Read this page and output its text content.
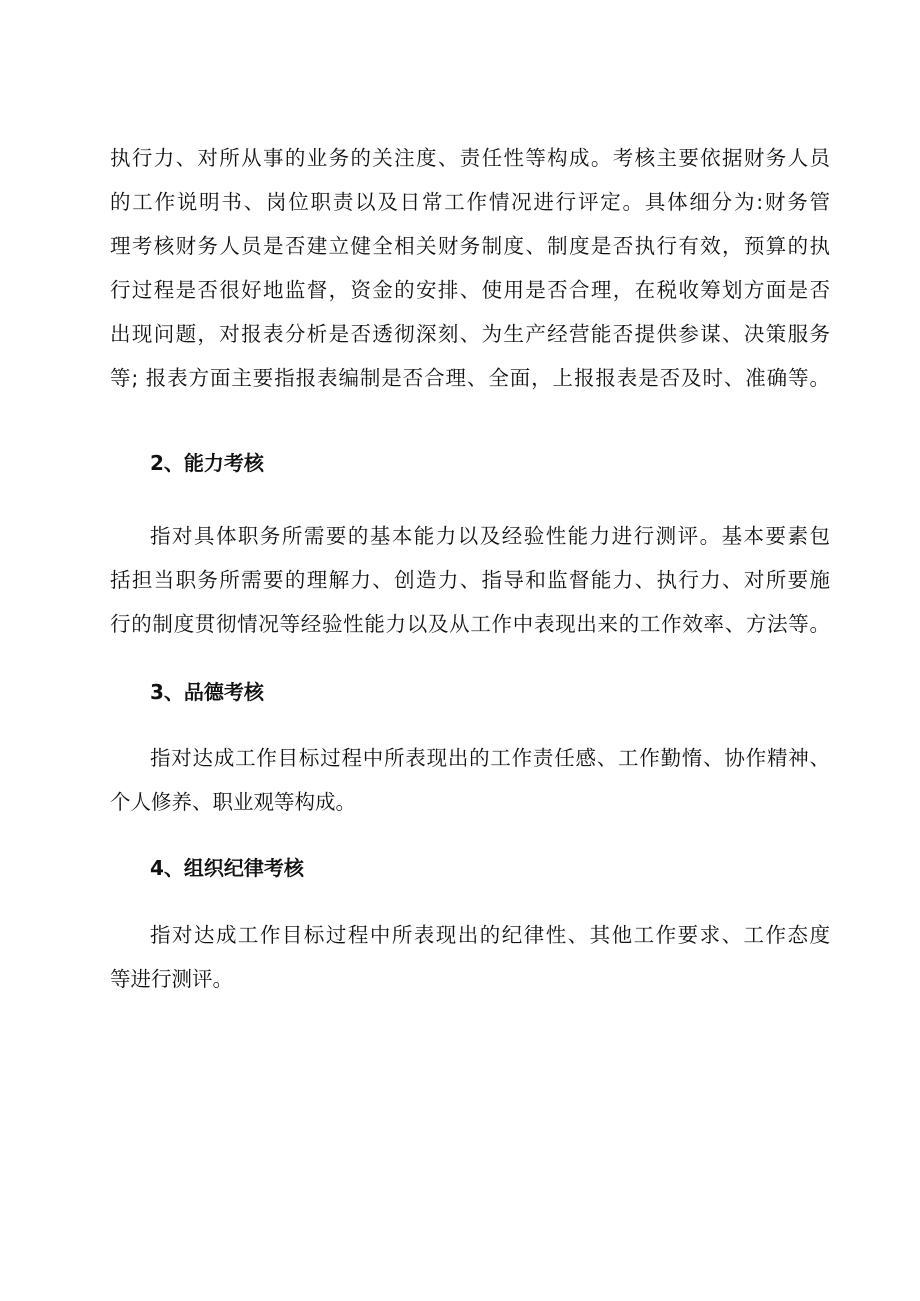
执行力、对所从事的业务的关注度、责任性等构成。考核主要依据财务人员
的工作说明书、岗位职责以及日常工作情况进行评定。具体细分为:财务管
理考核财务人员是否建立健全相关财务制度、制度是否执行有效，预算的执
行过程是否很好地监督，资金的安排、使用是否合理，在税收筹划方面是否
出现问题，对报表分析是否透彻深刻、为生产经营能否提供参谋、决策服务
等; 报表方面主要指报表编制是否合理、全面，上报报表是否及时、准确等。
2、能力考核
指对具体职务所需要的基本能力以及经验性能力进行测评。基本要素包
括担当职务所需要的理解力、创造力、指导和监督能力、执行力、对所要施
行的制度贯彻情况等经验性能力以及从工作中表现出来的工作效率、方法等。
3、品德考核
指对达成工作目标过程中所表现出的工作责任感、工作勤惰、协作精神、
个人修养、职业观等构成。
4、组织纪律考核
指对达成工作目标过程中所表现出的纪律性、其他工作要求、工作态度
等进行测评。
